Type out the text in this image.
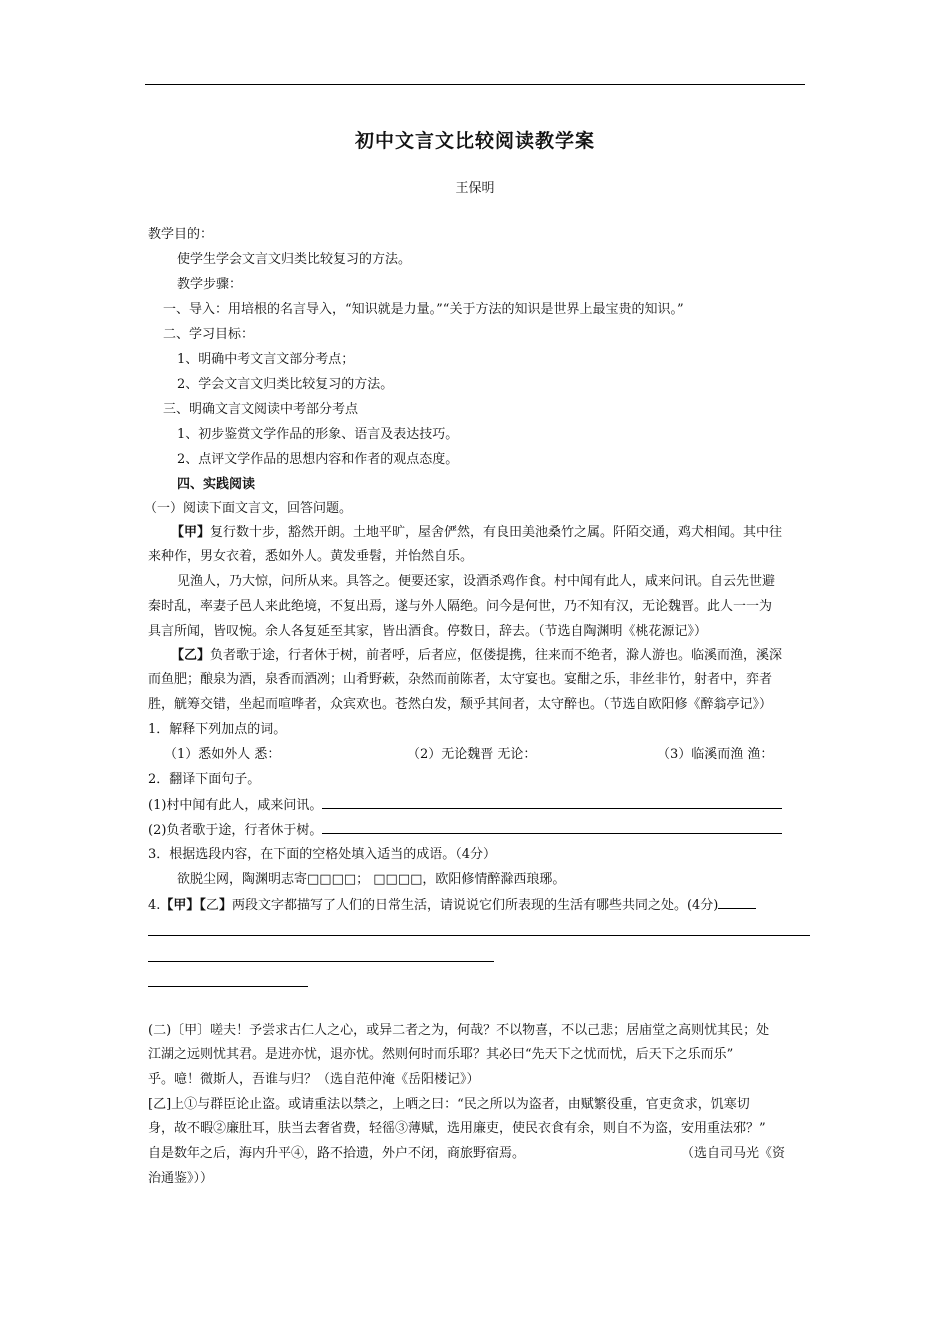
初中文言文比较阅读教学案
王保明
教学目的：
使学生学会文言文归类比较复习的方法。
教学步骤：
一、导入：用培根的名言导入，“知识就是力量。”“关于方法的知识是世界上最宝贵的知识。”
二、学习目标：
1、明确中考文言文部分考点；
2、学会文言文归类比较复习的方法。
三、明确文言文阅读中考部分考点
1、初步鉴赏文学作品的形象、语言及表达技巧。
2、点评文学作品的思想内容和作者的观点态度。
四、实践阅读
（一）阅读下面文言文，回答问题。
【甲】复行数十步，豁然开朗。土地平旷，屋舍俨然，有良田美池桑竹之属。阡陌交通，鸡犬相闻。其中往
来种作，男女衣着，悉如外人。黄发垂髫，并怡然自乐。
见渔人，乃大惊，问所从来。具答之。便要还家，设酒杀鸡作食。村中闻有此人，咸来问讯。自云先世避
秦时乱，率妻子邑人来此绝境，不复出焉，遂与外人隔绝。问今是何世，乃不知有汉，无论魏晋。此人一一为
具言所闻，皆叹惋。余人各复延至其家，皆出酒食。停数日，辞去。（节选自陶渊明《桃花源记》）
【乙】负者歌于途，行者休于树，前者呼，后者应，伛偻提携，往来而不绝者，滁人游也。临溪而渔，溪深
而鱼肥；酿泉为酒，泉香而酒冽；山肴野蔌，杂然而前陈者，太守宴也。宴酣之乐，非丝非竹，射者中，弈者
胜，觥筹交错，坐起而喧哗者，众宾欢也。苍然白发，颓乎其间者，太守醉也。（节选自欧阳修《醉翁亭记》）
1．解释下列加点的词。
（1）悉如外人 悉：	（2）无论魏晋 无论：	（3）临溪而渔 渔：
2．翻译下面句子。
(1)村中闻有此人，咸来问讯。
(2)负者歌于途，行者休于树。
3．根据选段内容，在下面的空格处填入适当的成语。（4分）
欲脱尘网，陶渊明志寄□□□□； □□□□，欧阳修情醉滁西琅琊。
4.【甲】【乙】两段文字都描写了人们的日常生活，请说说它们所表现的生活有哪些共同之处。(4分)
(二)〔甲〕嗟夫！予尝求古仁人之心，或异二者之为，何哉？不以物喜，不以己悲；居庙堂之高则忧其民；处
江湖之远则忧其君。是进亦忧，退亦忧。然则何时而乐耶？其必曰“先天下之忧而忧，后天下之乐而乐”
乎。噫！微斯人，吾谁与归？（选自范仲淹《岳阳楼记》）
[乙]上①与群臣论止盗。或请重法以禁之，上哂之曰：“民之所以为盗者，由赋繁役重，官吏贪求，饥寒切
身，故不暇②廉肚耳，肤当去奢省费，轻徭③薄赋，选用廉吏，使民衣食有余，则自不为盗，安用重法邪？”
自是数年之后，海内升平④，路不拾遗，外户不闭，商旅野宿焉。	（选自司马光《资
治通鉴》））
